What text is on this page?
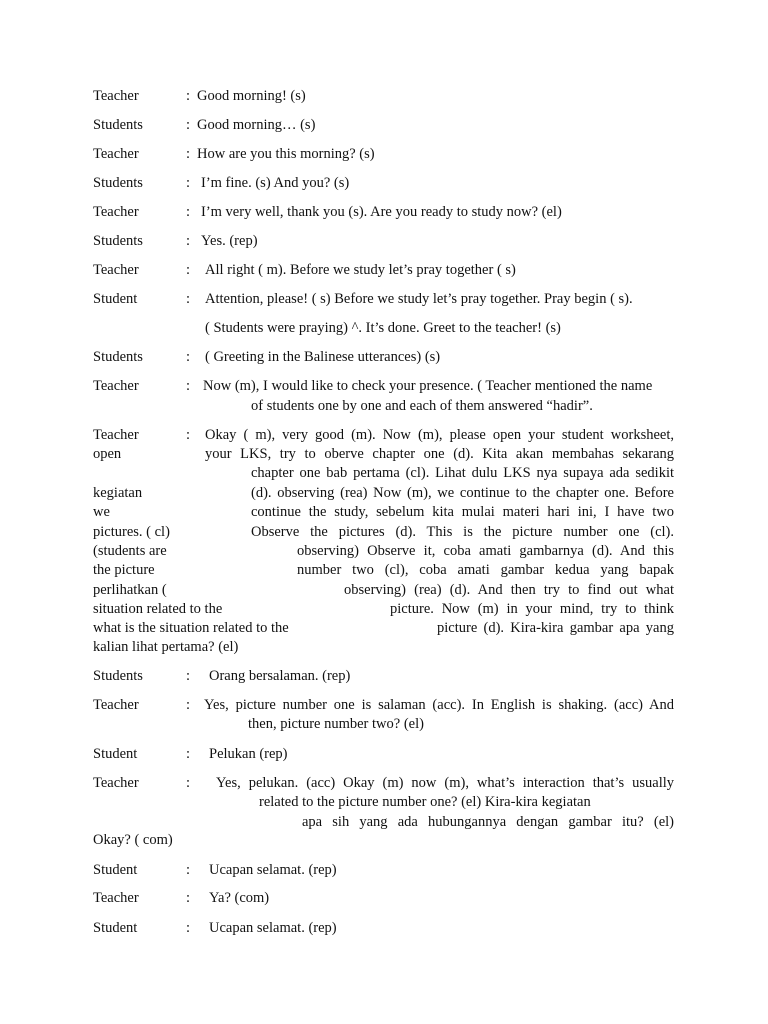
Teacher	: Good morning! (s)
Students	: Good morning… (s)
Teacher	: How are you this morning? (s)
Students	: I’m fine. (s) And you? (s)
Teacher	: I’m very well, thank you (s). Are you ready to study now? (el)
Students	: Yes. (rep)
Teacher	: All right ( m). Before we study let’s pray together ( s)
Student	: Attention, please! ( s) Before we study let’s pray together. Pray begin ( s).
( Students were praying) ^. It’s done. Greet to the teacher! (s)
Students	: ( Greeting in the Balinese utterances) (s)
Teacher	: Now (m), I would like to check your presence. ( Teacher mentioned the name
of students one by one and each of them answered “hadir”.
Teacher	: Okay ( m), very good (m). Now (m), please open your student worksheet,
open	your LKS, try to oberve chapter one (d). Kita akan membahas sekarang
chapter one bab pertama (cl). Lihat dulu LKS nya supaya ada sedikit
kegiatan	(d). observing (rea) Now (m), we continue to the chapter one. Before
we	continue the study, sebelum kita mulai materi hari ini, I have two
pictures. ( cl)	Observe the pictures (d). This is the picture number one (cl).
(students are	observing) Observe it, coba amati gambarnya (d). And this
the picture	number two (cl), coba amati gambar kedua yang bapak
perlihatkan (	observing) (rea) (d). And then try to find out what
situation related to the	picture. Now (m) in your mind, try to think
what is the situation related to the	picture (d). Kira-kira gambar apa yang
kalian lihat pertama? (el)
Students	: Orang bersalaman. (rep)
Teacher	: Yes, picture number one is salaman (acc). In English is shaking. (acc) And
then, picture number two? (el)
Student	: Pelukan (rep)
Teacher	: Yes, pelukan. (acc) Okay (m) now (m), what’s interaction that’s usually
related to the picture number one? (el) Kira-kira kegiatan
apa sih yang ada hubungannya dengan gambar itu? (el)
Okay? ( com)
Student	: Ucapan selamat. (rep)
Teacher	: Ya? (com)
Student	: Ucapan selamat. (rep)
